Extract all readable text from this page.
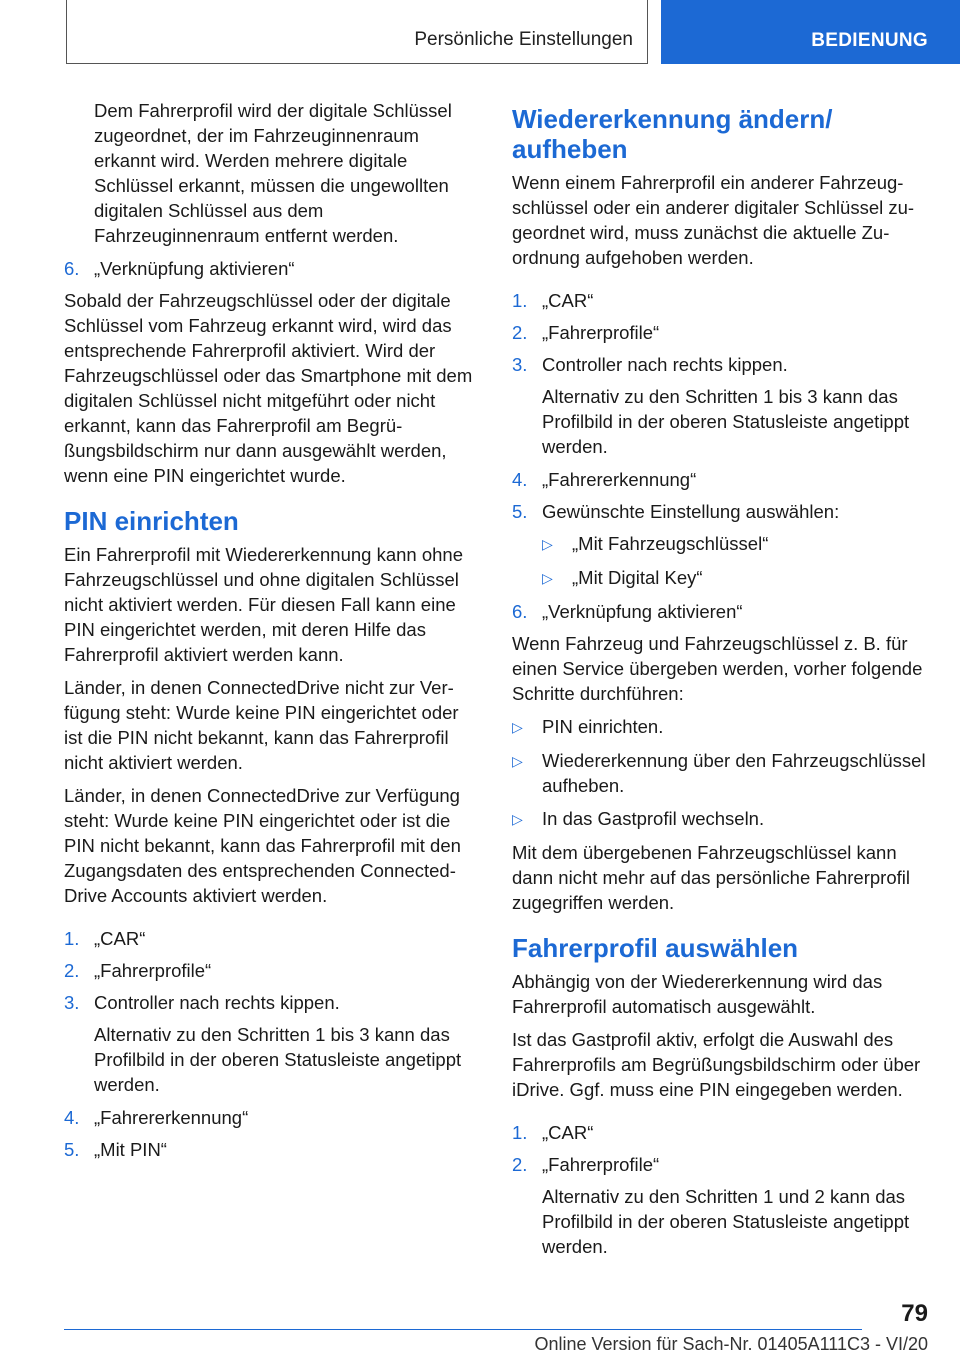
Persönliche Einstellungen	BEDIENUNG

Dem Fahrerprofil wird der digitale Schlüssel zugeordnet, der im Fahrzeuginnenraum erkannt wird. Werden mehrere digitale Schlüssel erkannt, müssen die ungewollten digitalen Schlüssel aus dem Fahrzeuginnenraum entfernt werden.

6. „Verknüpfung aktivieren“

Sobald der Fahrzeugschlüssel oder der digitale Schlüssel vom Fahrzeug erkannt wird, wird das entsprechende Fahrerprofil aktiviert. Wird der Fahrzeugschlüssel oder das Smartphone mit dem digitalen Schlüssel nicht mitgeführt oder nicht erkannt, kann das Fahrerprofil am Begrüßungsbildschirm nur dann ausgewählt werden, wenn eine PIN eingerichtet wurde.

PIN einrichten

Ein Fahrerprofil mit Wiedererkennung kann ohne Fahrzeugschlüssel und ohne digitalen Schlüssel nicht aktiviert werden. Für diesen Fall kann eine PIN eingerichtet werden, mit deren Hilfe das Fahrerprofil aktiviert werden kann.

Länder, in denen ConnectedDrive nicht zur Verfügung steht: Wurde keine PIN eingerichtet oder ist die PIN nicht bekannt, kann das Fahrerprofil nicht aktiviert werden.

Länder, in denen ConnectedDrive zur Verfügung steht: Wurde keine PIN eingerichtet oder ist die PIN nicht bekannt, kann das Fahrerprofil mit den Zugangsdaten des entsprechenden ConnectedDrive Accounts aktiviert werden.

1. „CAR“
2. „Fahrerprofile“
3. Controller nach rechts kippen.

Alternativ zu den Schritten 1 bis 3 kann das Profilbild in der oberen Statusleiste angetippt werden.

4. „Fahrererkennung“
5. „Mit PIN“
Wiedererkennung ändern/ aufheben

Wenn einem Fahrerprofil ein anderer Fahrzeugschlüssel oder ein anderer digitaler Schlüssel zugeordnet wird, muss zunächst die aktuelle Zuordnung aufgehoben werden.

1. „CAR“
2. „Fahrerprofile“
3. Controller nach rechts kippen.

Alternativ zu den Schritten 1 bis 3 kann das Profilbild in der oberen Statusleiste angetippt werden.

4. „Fahrererkennung“
5. Gewünschte Einstellung auswählen:
▷	„Mit Fahrzeugschlüssel“
▷	„Mit Digital Key“
6. „Verknüpfung aktivieren“

Wenn Fahrzeug und Fahrzeugschlüssel z. B. für einen Service übergeben werden, vorher folgende Schritte durchführen:

▷	PIN einrichten.
▷	Wiedererkennung über den Fahrzeugschlüssel aufheben.
▷	In das Gastprofil wechseln.

Mit dem übergebenen Fahrzeugschlüssel kann dann nicht mehr auf das persönliche Fahrerprofil zugegriffen werden.

Fahrerprofil auswählen

Abhängig von der Wiedererkennung wird das Fahrerprofil automatisch ausgewählt.

Ist das Gastprofil aktiv, erfolgt die Auswahl des Fahrerprofils am Begrüßungsbildschirm oder über iDrive. Ggf. muss eine PIN eingegeben werden.

1. „CAR“
2. „Fahrerprofile“

Alternativ zu den Schritten 1 und 2 kann das Profilbild in der oberen Statusleiste angetippt werden.

79
Online Version für Sach-Nr. 01405A111C3 - VI/20
